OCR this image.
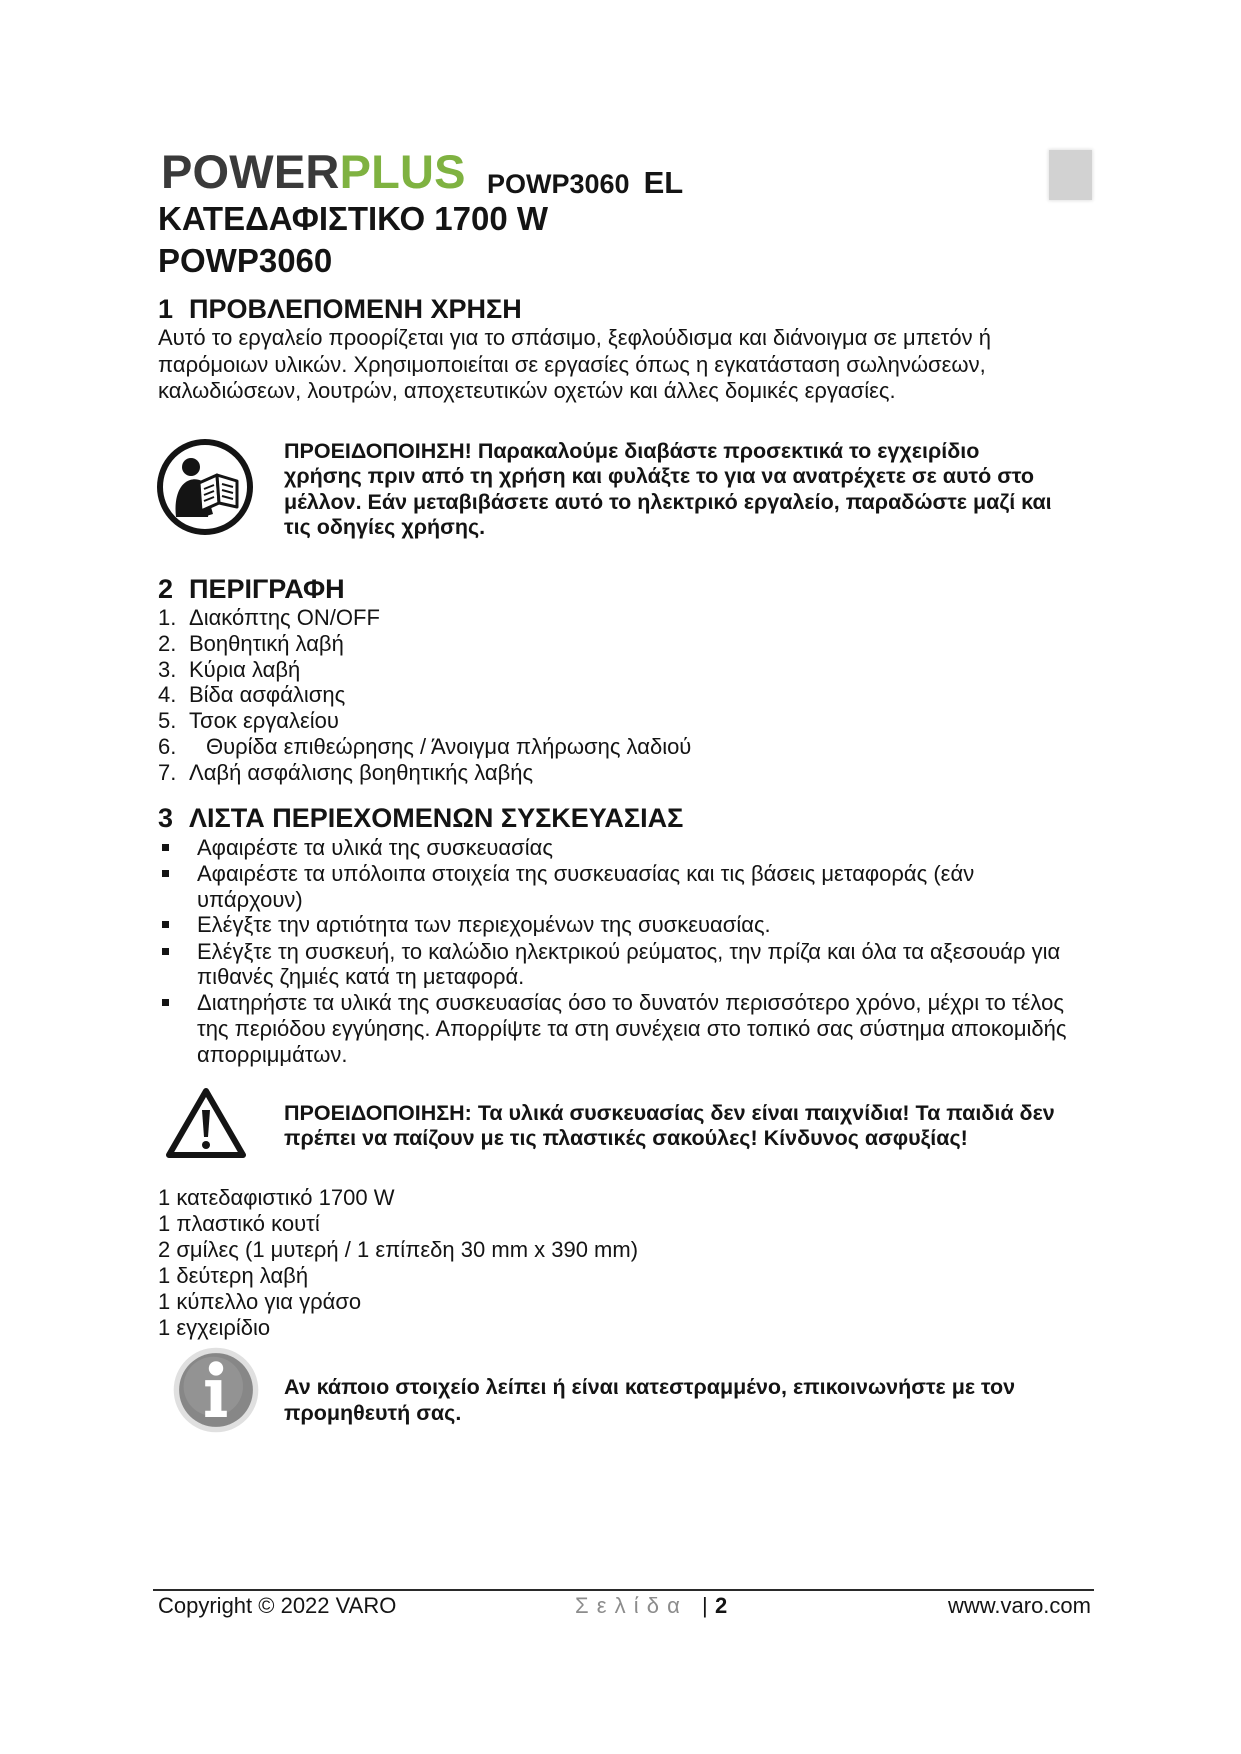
POWERPLUS POWP3060 EL
ΚΑΤΕΔΑΦΙΣΤΙΚΟ 1700 W
POWP3060
1 ΠΡΟΒΛΕΠΟΜΕΝΗ ΧΡΗΣΗ
Αυτό το εργαλείο προορίζεται για το σπάσιμο, ξεφλούδισμα και διάνοιγμα σε μπετόν ή
παρόμοιων υλικών. Χρησιμοποιείται σε εργασίες όπως η εγκατάσταση σωληνώσεων,
καλωδιώσεων, λουτρών, αποχετευτικών οχετών και άλλες δομικές εργασίες.
ΠΡΟΕΙΔΟΠΟΙΗΣΗ! Παρακαλούμε διαβάστε προσεκτικά το εγχειρίδιο
χρήσης πριν από τη χρήση και φυλάξτε το για να ανατρέχετε σε αυτό στο
μέλλον. Εάν μεταβιβάσετε αυτό το ηλεκτρικό εργαλείο, παραδώστε μαζί και
τις οδηγίες χρήσης.
2 ΠΕΡΙΓΡΑΦΗ
1. Διακόπτης ON/OFF
2. Βοηθητική λαβή
3. Κύρια λαβή
4. Βίδα ασφάλισης
5. Τσοκ εργαλείου
6. Θυρίδα επιθεώρησης / Άνοιγμα πλήρωσης λαδιού
7. Λαβή ασφάλισης βοηθητικής λαβής
3 ΛΙΣΤΑ ΠΕΡΙΕΧΟΜΕΝΩΝ ΣΥΣΚΕΥΑΣΙΑΣ
Αφαιρέστε τα υλικά της συσκευασίας
Αφαιρέστε τα υπόλοιπα στοιχεία της συσκευασίας και τις βάσεις μεταφοράς (εάν
υπάρχουν)
Ελέγξτε την αρτιότητα των περιεχομένων της συσκευασίας.
Ελέγξτε τη συσκευή, το καλώδιο ηλεκτρικού ρεύματος, την πρίζα και όλα τα αξεσουάρ για
πιθανές ζημιές κατά τη μεταφορά.
Διατηρήστε τα υλικά της συσκευασίας όσο το δυνατόν περισσότερο χρόνο, μέχρι το τέλος
της περιόδου εγγύησης. Απορρίψτε τα στη συνέχεια στο τοπικό σας σύστημα αποκομιδής
απορριμμάτων.
ΠΡΟΕΙΔΟΠΟΙΗΣΗ: Τα υλικά συσκευασίας δεν είναι παιχνίδια! Τα παιδιά δεν
πρέπει να παίζουν με τις πλαστικές σακούλες! Κίνδυνος ασφυξίας!
1 κατεδαφιστικό 1700 W
1 πλαστικό κουτί
2 σμίλες (1 μυτερή / 1 επίπεδη 30 mm x 390 mm)
1 δεύτερη λαβή
1 κύπελλο για γράσο
1 εγχειρίδιο
Αν κάποιο στοιχείο λείπει ή είναι κατεστραμμένο, επικοινωνήστε με τον
προμηθευτή σας.
Copyright © 2022 VARO	Σ ε λ ί δ α | 2	www.varo.com
